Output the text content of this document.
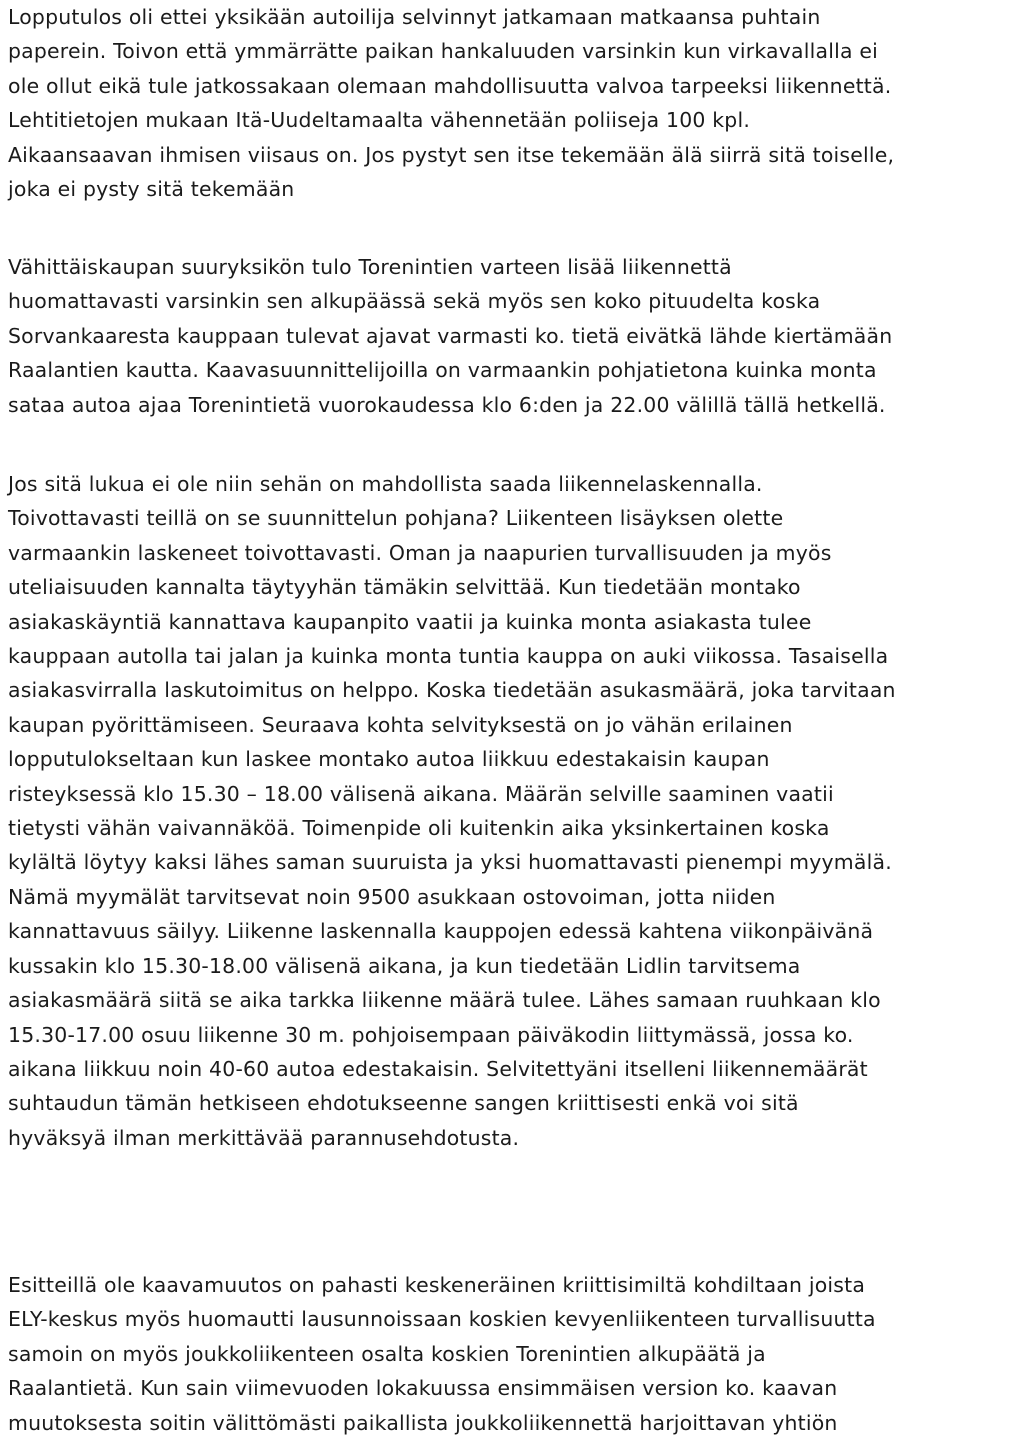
Lopputulos oli ettei yksikään autoilija selvinnyt jatkamaan matkaansa puhtain
paperein. Toivon että ymmärrätte paikan hankaluuden varsinkin kun virkavallalla ei
ole ollut eikä tule jatkossakaan olemaan mahdollisuutta valvoa tarpeeksi liikennettä.
Lehtitietojen mukaan Itä-Uudeltamaalta vähennetään poliiseja 100 kpl.
Aikaansaavan ihmisen viisaus on. Jos pystyt sen itse tekemään älä siirrä sitä toiselle,
joka ei pysty sitä tekemään
Vähittäiskaupan suuryksikön tulo Torenintien varteen lisää liikennettä
huomattavasti varsinkin sen alkupäässä sekä myös sen koko pituudelta koska
Sorvankaaresta kauppaan tulevat ajavat varmasti ko. tietä eivätkä lähde kiertämään
Raalantien kautta. Kaavasuunnittelijoilla on varmaankin pohjatietona kuinka monta
sataa autoa ajaa Torenintietä vuorokaudessa klo 6:den ja 22.00 välillä tällä hetkellä.
Jos sitä lukua ei ole niin sehän on mahdollista saada liikennelaskennalla.
Toivottavasti teillä on se suunnittelun pohjana? Liikenteen lisäyksen olette
varmaankin laskeneet toivottavasti. Oman ja naapurien turvallisuuden ja myös
uteliaisuuden kannalta täytyyhän tämäkin selvittää. Kun tiedetään montako
asiakaskäyntiä kannattava kaupanpito vaatii ja kuinka monta asiakasta tulee
kauppaan autolla tai jalan ja kuinka monta tuntia kauppa on auki viikossa. Tasaisella
asiakasvirralla laskutoimitus on helppo. Koska tiedetään asukasmäärä, joka tarvitaan
kaupan pyörittämiseen. Seuraava kohta selvityksestä on jo vähän erilainen
lopputulokseltaan kun laskee montako autoa liikkuu edestakaisin kaupan
risteyksessä klo 15.30 – 18.00 välisenä aikana. Määrän selville saaminen vaatii
tietysti vähän vaivannäköä. Toimenpide oli kuitenkin aika yksinkertainen koska
kylältä löytyy kaksi lähes saman suuruista ja yksi huomattavasti pienempi myymälä.
Nämä myymälät tarvitsevat noin 9500 asukkaan ostovoiman, jotta niiden
kannattavuus säilyy. Liikenne laskennalla kauppojen edessä kahtena viikonpäivänä
kussakin klo 15.30-18.00 välisenä aikana, ja kun tiedetään Lidlin tarvitsema
asiakasmäärä siitä se aika tarkka liikenne määrä tulee. Lähes samaan ruuhkaan klo
15.30-17.00 osuu liikenne 30 m. pohjoisempaan päiväkodin liittymässä, jossa ko.
aikana liikkuu noin 40-60 autoa edestakaisin. Selvitettyäni itselleni liikennemäärät
suhtaudun tämän hetkiseen ehdotukseenne sangen kriittisesti enkä voi sitä
hyväksyä ilman merkittävää parannusehdotusta.
Esitteillä ole kaavamuutos on pahasti keskeneräinen kriittisimiltä kohdiltaan joista
ELY-keskus myös huomautti lausunnoissaan koskien kevyenliikenteen turvallisuutta
samoin on myös joukkoliikenteen osalta koskien Torenintien alkupäätä ja
Raalantietä. Kun sain viimevuoden lokakuussa ensimmäisen version ko. kaavan
muutoksesta soitin välittömästi paikallista joukkoliikennettä harjoittavan yhtiön
